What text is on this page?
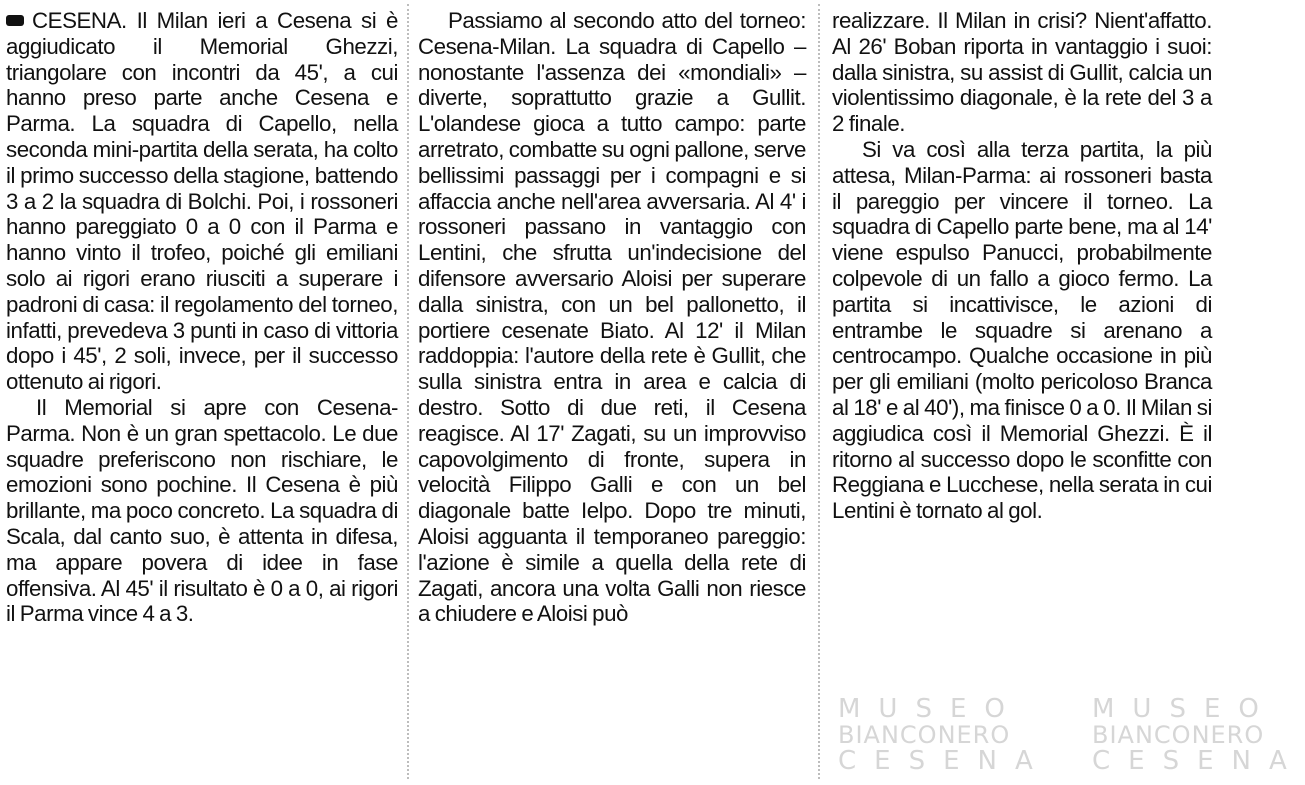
MUSEO
BIANCONERO
CESENA
MUSEO
BIANCONERO
CESENA

CESENA. Il Milan ieri a Cesena si è aggiudicato il Memorial Ghezzi, triangolare con incontri da 45', a cui hanno preso parte anche Cesena e Parma. La squadra di Capello, nella seconda mini-partita della serata, ha colto il primo successo della stagione, battendo 3 a 2 la squadra di Bolchi. Poi, i rossoneri hanno pareggiato 0 a 0 con il Parma e hanno vinto il trofeo, poiché gli emiliani solo ai rigori erano riusciti a superare i padroni di casa: il regolamento del torneo, infatti, prevedeva 3 punti in caso di vittoria dopo i 45', 2 soli, invece, per il successo ottenuto ai rigori.

Il Memorial si apre con Cesena-Parma. Non è un gran spettacolo. Le due squadre preferiscono non rischiare, le emozioni sono pochine. Il Cesena è più brillante, ma poco concreto. La squadra di Scala, dal canto suo, è attenta in difesa, ma appare povera di idee in fase offensiva. Al 45' il risultato è 0 a 0, ai rigori il Parma vince 4 a 3.

Passiamo al secondo atto del torneo: Cesena-Milan. La squadra di Capello – nonostante l'assenza dei «mondiali» – diverte, soprattutto grazie a Gullit. L'olandese gioca a tutto campo: parte arretrato, combatte su ogni pallone, serve bellissimi passaggi per i compagni e si affaccia anche nell'area avversaria. Al 4' i rossoneri passano in vantaggio con Lentini, che sfrutta un'indecisione del difensore avversario Aloisi per superare dalla sinistra, con un bel pallonetto, il portiere cesenate Biato. Al 12' il Milan raddoppia: l'autore della rete è Gullit, che sulla sinistra entra in area e calcia di destro. Sotto di due reti, il Cesena reagisce. Al 17' Zagati, su un improvviso capovolgimento di fronte, supera in velocità Filippo Galli e con un bel diagonale batte Ielpo. Dopo tre minuti, Aloisi agguanta il temporaneo pareggio: l'azione è simile a quella della rete di Zagati, ancora una volta Galli non riesce a chiudere e Aloisi può

realizzare. Il Milan in crisi? Nient'affatto. Al 26' Boban riporta in vantaggio i suoi: dalla sinistra, su assist di Gullit, calcia un violentissimo diagonale, è la rete del 3 a 2 finale.

Si va così alla terza partita, la più attesa, Milan-Parma: ai rossoneri basta il pareggio per vincere il torneo. La squadra di Capello parte bene, ma al 14' viene espulso Panucci, probabilmente colpevole di un fallo a gioco fermo. La partita si incattivisce, le azioni di entrambe le squadre si arenano a centrocampo. Qualche occasione in più per gli emiliani (molto pericoloso Branca al 18' e al 40'), ma finisce 0 a 0. Il Milan si aggiudica così il Memorial Ghezzi. È il ritorno al successo dopo le sconfitte con Reggiana e Lucchese, nella serata in cui Lentini è tornato al gol.
